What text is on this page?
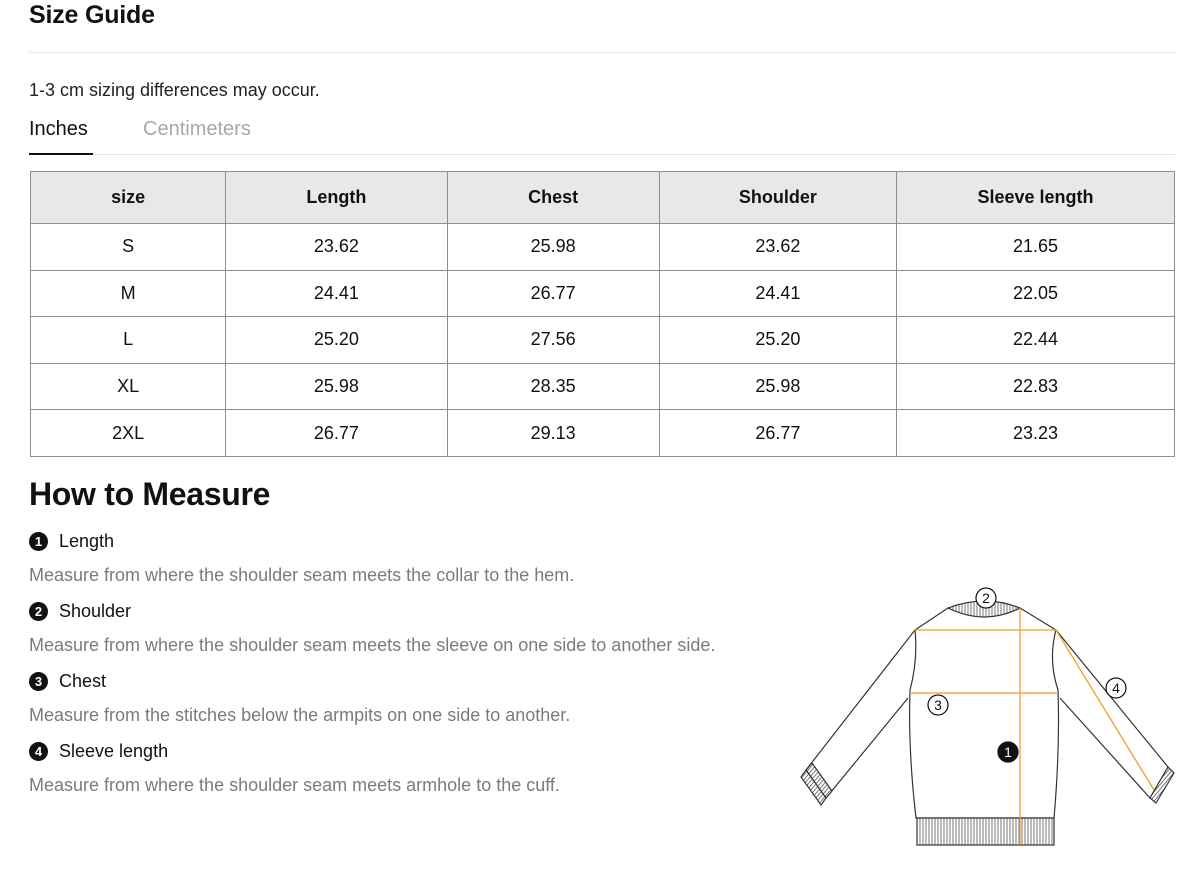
Size Guide
1-3 cm sizing differences may occur.
Inches	Centimeters
size	Length	Chest	Shoulder	Sleeve length
S	23.62	25.98	23.62	21.65
M	24.41	26.77	24.41	22.05
L	25.20	27.56	25.20	22.44
XL	25.98	28.35	25.98	22.83
2XL	26.77	29.13	26.77	23.23
How to Measure
1 Length
Measure from where the shoulder seam meets the collar to the hem.
2 Shoulder
Measure from where the shoulder seam meets the sleeve on one side to another side.
3 Chest
Measure from the stitches below the armpits on one side to another.
4 Sleeve length
Measure from where the shoulder seam meets armhole to the cuff.
2
4
3
1
